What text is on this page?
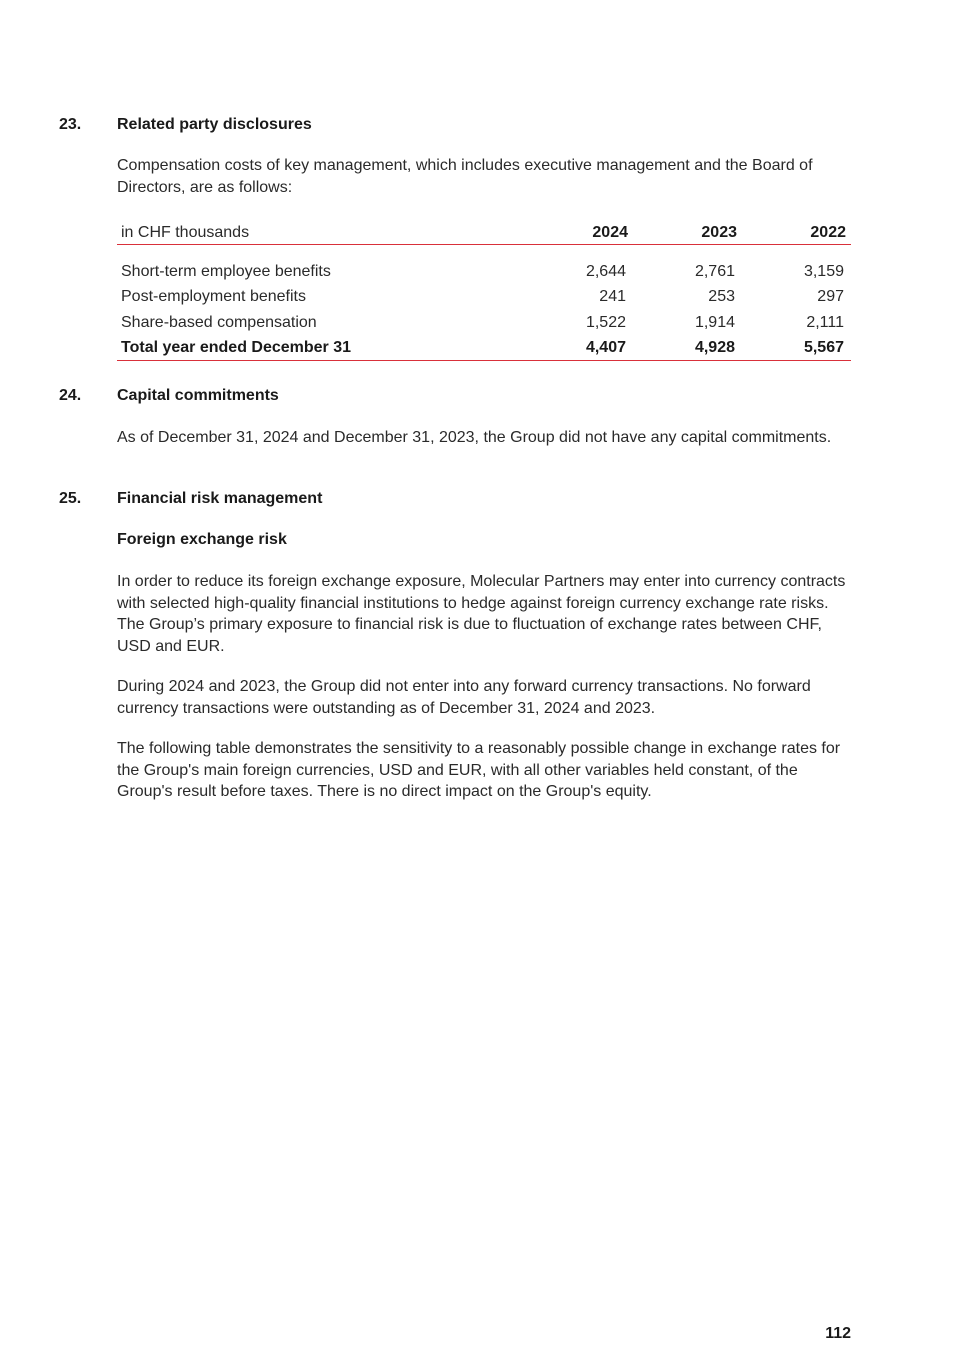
23. Related party disclosures
Compensation costs of key management, which includes executive management and the Board of Directors, are as follows:
in CHF thousands	2024	2023	2022

Short-term employee benefits	2,644	2,761	3,159
Post-employment benefits	241	253	297
Share-based compensation	1,522	1,914	2,111
Total year ended December 31	4,407	4,928	5,567
24. Capital commitments
As of December 31, 2024 and December 31, 2023, the Group did not have any capital commitments.
25. Financial risk management
Foreign exchange risk
In order to reduce its foreign exchange exposure, Molecular Partners may enter into currency contracts with selected high-quality financial institutions to hedge against foreign currency exchange rate risks. The Group’s primary exposure to financial risk is due to fluctuation of exchange rates between CHF, USD and EUR.
During 2024 and 2023, the Group did not enter into any forward currency transactions. No forward currency transactions were outstanding as of December 31, 2024 and 2023.
The following table demonstrates the sensitivity to a reasonably possible change in exchange rates for the Group's main foreign currencies, USD and EUR, with all other variables held constant, of the Group's result before taxes. There is no direct impact on the Group's equity.
112
